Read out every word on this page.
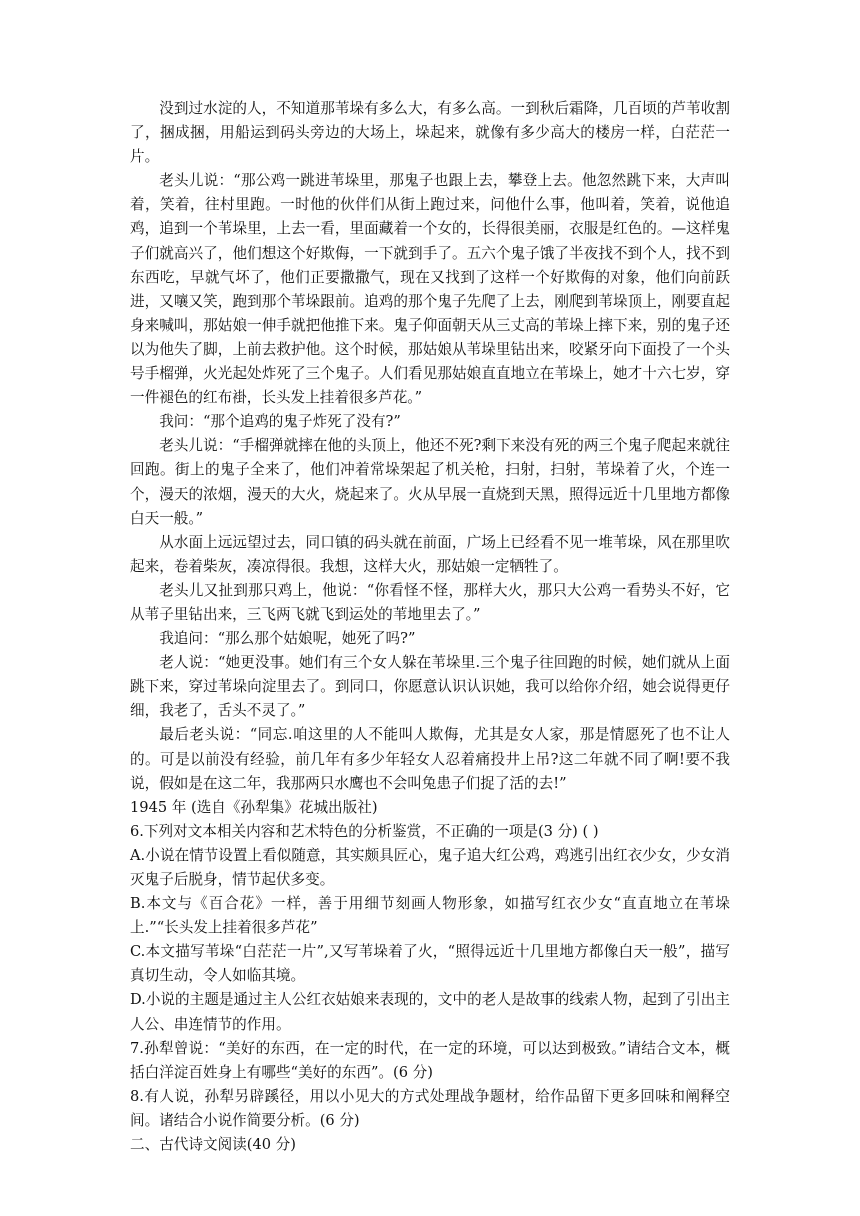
没到过水淀的人，不知道那苇垛有多么大，有多么高。一到秋后霜降，几百顷的芦苇收割了，捆成捆，用船运到码头旁边的大场上，垛起来，就像有多少高大的楼房一样，白茫茫一片。

老头儿说：“那公鸡一跳进苇垛里，那鬼子也跟上去，攀登上去。他忽然跳下来，大声叫着，笑着，往村里跑。一时他的伙伴们从街上跑过来，问他什么事，他叫着，笑着，说他追鸡，追到一个苇垛里，上去一看，里面藏着一个女的，长得很美丽，衣服是红色的。—这样鬼子们就高兴了，他们想这个好欺侮，一下就到手了。五六个鬼子饿了半夜找不到个人，找不到东西吃，早就气坏了，他们正要撒撒气，现在又找到了这样一个好欺侮的对象，他们向前跃进，又嚷又笑，跑到那个苇垛跟前。追鸡的那个鬼子先爬了上去，刚爬到苇垛顶上，刚要直起身来喊叫，那姑娘一伸手就把他推下来。鬼子仰面朝天从三丈高的苇垛上摔下来，别的鬼子还以为他失了脚，上前去救护他。这个时候，那姑娘从苇垛里钻出来，咬紧牙向下面投了一个头号手榴弹，火光起处炸死了三个鬼子。人们看见那姑娘直直地立在苇垛上，她才十六七岁，穿一件褪色的红布褂，长头发上挂着很多芦花。”

我问：“那个追鸡的鬼子炸死了没有?”

老头儿说：“手榴弹就摔在他的头顶上，他还不死?剩下来没有死的两三个鬼子爬起来就往回跑。街上的鬼子全来了，他们冲着常垛架起了机关枪，扫射，扫射，苇垛着了火，个连一个，漫天的浓烟，漫天的大火，烧起来了。火从早展一直烧到天黑，照得远近十几里地方都像白天一般。”

从水面上远远望过去，同口镇的码头就在前面，广场上已经看不见一堆苇垛，风在那里吹起来，卷着柴灰，凑凉得很。我想，这样大火，那姑娘一定牺牲了。

老头儿又扯到那只鸡上，他说：“你看怪不怪，那样大火，那只大公鸡一看势头不好，它从苇子里钻出来，三飞两飞就飞到运处的苇地里去了。”

我追问：“那么那个姑娘呢，她死了吗?”

老人说：“她更没事。她们有三个女人躲在苇垛里.三个鬼子往回跑的时候，她们就从上面跳下来，穿过苇垛向淀里去了。到同口，你愿意认识认识她，我可以给你介绍，她会说得更仔细，我老了，舌头不灵了。”

最后老头说：“同忘.咱这里的人不能叫人欺侮，尤其是女人家，那是情愿死了也不让人的。可是以前没有经验，前几年有多少年轻女人忍着痛投井上吊?这二年就不同了啊!要不我说，假如是在这二年，我那两只水鹰也不会叫兔患子们捉了活的去!”

1945 年 (选自《孙犁集》花城出版社)

6.下列对文本相关内容和艺术特色的分析鉴赏，不正确的一项是(3 分) ( )

A.小说在情节设置上看似随意，其实颇具匠心，鬼子追大红公鸡，鸡逃引出红衣少女，少女消灭鬼子后脱身，情节起伏多变。

B.本文与《百合花》一样，善于用细节刻画人物形象，如描写红衣少女“直直地立在苇垛上.”“长头发上挂着很多芦花”

C.本文描写苇垛“白茫茫一片”,又写苇垛着了火，“照得远近十几里地方都像白天一般”，描写真切生动，令人如临其境。

D.小说的主题是通过主人公红衣姑娘来表现的，文中的老人是故事的线索人物，起到了引出主人公、串连情节的作用。

7.孙犁曾说：“美好的东西，在一定的时代，在一定的环境，可以达到极致。”请结合文本，概括白洋淀百姓身上有哪些“美好的东西”。(6 分)

8.有人说，孙犁另辟蹊径，用以小见大的方式处理战争题材，给作品留下更多回味和阐释空间。诸结合小说作简要分析。(6 分)

二、古代诗文阅读(40 分)
